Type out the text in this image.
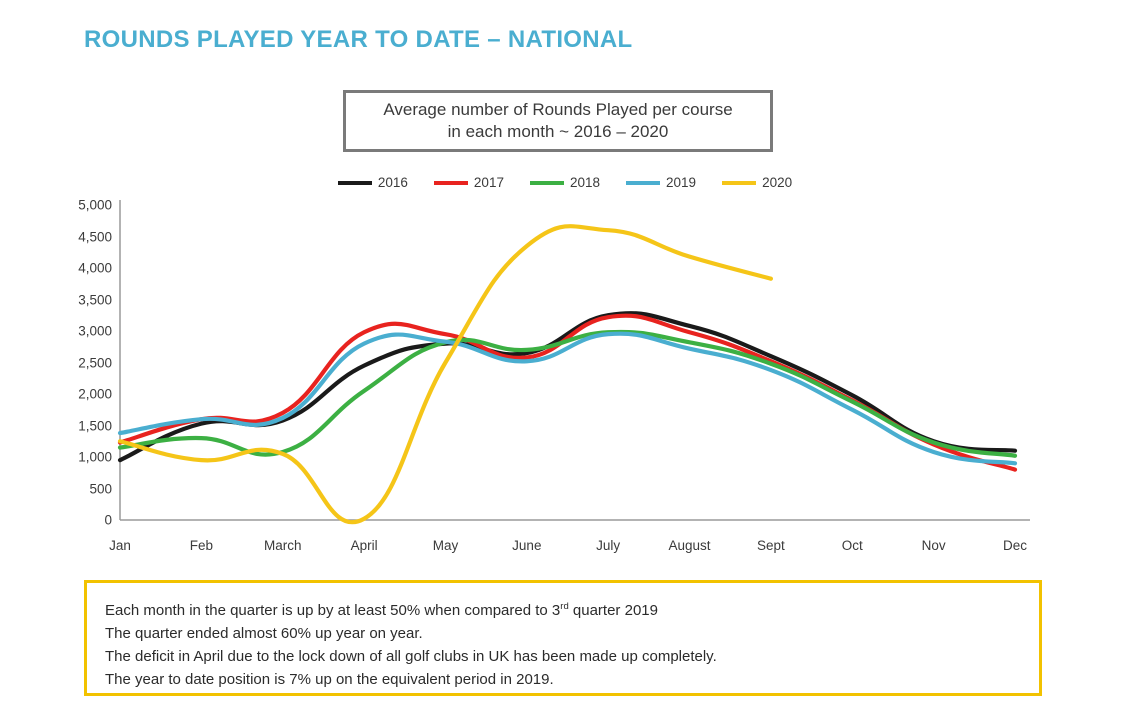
ROUNDS PLAYED YEAR TO DATE – NATIONAL
Average number of Rounds Played per course
in each month ~ 2016 – 2020
2016	2017	2018	2019	2020
0
500
1,000
1,500
2,000
2,500
3,000
3,500
4,000
4,500
5,000
Jan	Feb	March	April	May	June	July	August	Sept	Oct	Nov	Dec
Each month in the quarter is up by at least 50% when compared to 3rd quarter 2019
The quarter ended almost 60% up year on year.
The deficit in April due to the lock down of all golf clubs in UK has been made up completely.
The year to date position is 7% up on the equivalent period in 2019.
